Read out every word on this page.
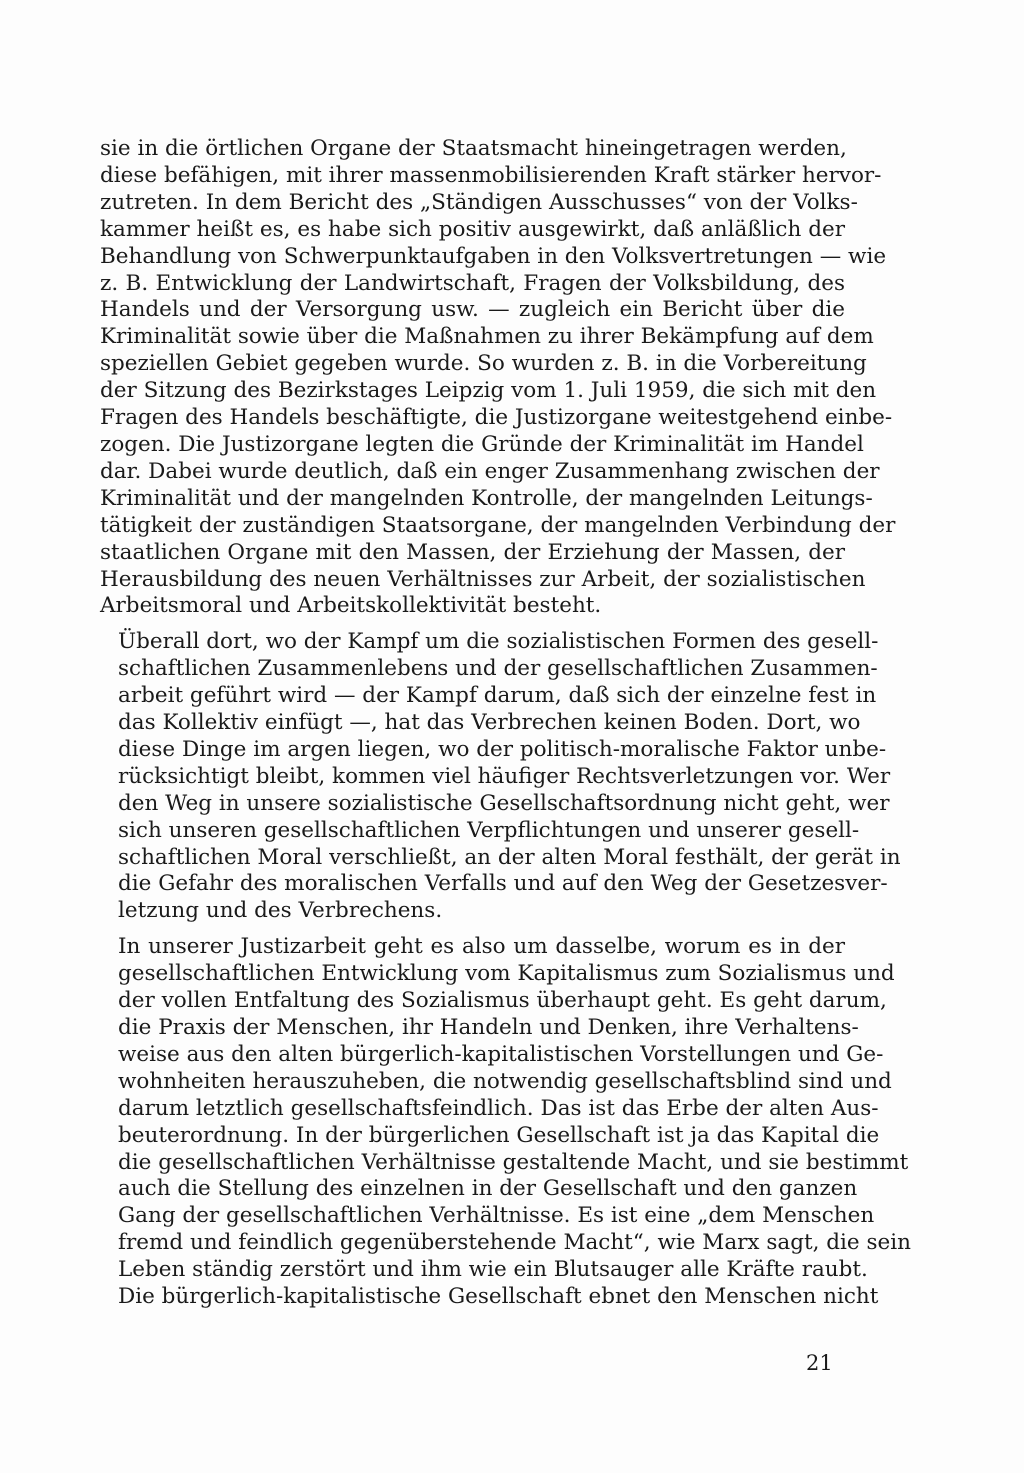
sie in die örtlichen Organe der Staatsmacht hineingetragen werden,
diese befähigen, mit ihrer massenmobilisierenden Kraft stärker hervor-
zutreten. In dem Bericht des „Ständigen Ausschusses“ von der Volks-
kammer heißt es, es habe sich positiv ausgewirkt, daß anläßlich der
Behandlung von Schwerpunktaufgaben in den Volksvertretungen — wie
z. B. Entwicklung der Landwirtschaft, Fragen der Volksbildung, des
Handels und der Versorgung usw. — zugleich ein Bericht über die
Kriminalität sowie über die Maßnahmen zu ihrer Bekämpfung auf dem
speziellen Gebiet gegeben wurde. So wurden z. B. in die Vorbereitung
der Sitzung des Bezirkstages Leipzig vom 1. Juli 1959, die sich mit den
Fragen des Handels beschäftigte, die Justizorgane weitestgehend einbe-
zogen. Die Justizorgane legten die Gründe der Kriminalität im Handel
dar. Dabei wurde deutlich, daß ein enger Zusammenhang zwischen der
Kriminalität und der mangelnden Kontrolle, der mangelnden Leitungs-
tätigkeit der zuständigen Staatsorgane, der mangelnden Verbindung der
staatlichen Organe mit den Massen, der Erziehung der Massen, der
Herausbildung des neuen Verhältnisses zur Arbeit, der sozialistischen
Arbeitsmoral und Arbeitskollektivität besteht.

Überall dort, wo der Kampf um die sozialistischen Formen des gesell-
schaftlichen Zusammenlebens und der gesellschaftlichen Zusammen-
arbeit geführt wird — der Kampf darum, daß sich der einzelne fest in
das Kollektiv einfügt —, hat das Verbrechen keinen Boden. Dort, wo
diese Dinge im argen liegen, wo der politisch-moralische Faktor unbe-
rücksichtigt bleibt, kommen viel häufiger Rechtsverletzungen vor. Wer
den Weg in unsere sozialistische Gesellschaftsordnung nicht geht, wer
sich unseren gesellschaftlichen Verpflichtungen und unserer gesell-
schaftlichen Moral verschließt, an der alten Moral festhält, der gerät in
die Gefahr des moralischen Verfalls und auf den Weg der Gesetzesver-
letzung und des Verbrechens.

In unserer Justizarbeit geht es also um dasselbe, worum es in der
gesellschaftlichen Entwicklung vom Kapitalismus zum Sozialismus und
der vollen Entfaltung des Sozialismus überhaupt geht. Es geht darum,
die Praxis der Menschen, ihr Handeln und Denken, ihre Verhaltens-
weise aus den alten bürgerlich-kapitalistischen Vorstellungen und Ge-
wohnheiten herauszuheben, die notwendig gesellschaftsblind sind und
darum letztlich gesellschaftsfeindlich. Das ist das Erbe der alten Aus-
beuterordnung. In der bürgerlichen Gesellschaft ist ja das Kapital die
die gesellschaftlichen Verhältnisse gestaltende Macht, und sie bestimmt
auch die Stellung des einzelnen in der Gesellschaft und den ganzen
Gang der gesellschaftlichen Verhältnisse. Es ist eine „dem Menschen
fremd und feindlich gegenüberstehende Macht“, wie Marx sagt, die sein
Leben ständig zerstört und ihm wie ein Blutsauger alle Kräfte raubt.
Die bürgerlich-kapitalistische Gesellschaft ebnet den Menschen nicht

21
